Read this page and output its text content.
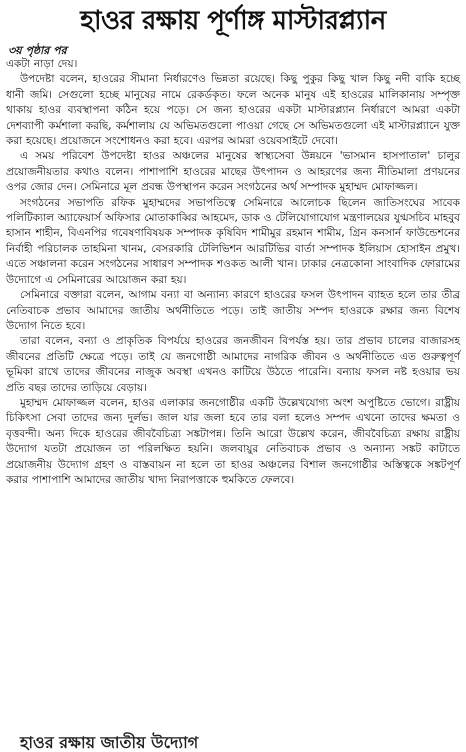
হাওর রক্ষায় পূর্ণাঙ্গ মাস্টারপ্ল্যান
৩য় পৃষ্ঠার পর

একটা নাড়া দেয়।

উপদেষ্টা বলেন, হাওরের সীমানা নির্ধারণেও ভিন্নতা রয়েছে। কিছু পুকুর কিছু খাল কিছু নদী বাকি হচ্ছে ধানী জমি। সেগুলো হচ্ছে মানুষের নামে রেকর্ডকৃত। ফলে অনেক মানুষ এই হাওরের মালিকানায় সম্পৃক্ত থাকায় হাওর ব্যবস্থাপনা কঠিন হয়ে পড়ে। সে জন্য হাওরের একটা মাস্টারপ্ল্যান নির্ধারণে আমরা একটা দেশব্যাপী কর্মশালা করছি, কর্মশালায় যে অভিমতগুলো পাওয়া গেছে সে অভিমতগুলো এই মাস্টারপ্ল্যানে যুক্ত করা হয়েছে। প্রয়োজনে সংশোধনও করা হবে। এরপর আমরা ওয়েবসাইটে দেবো।

এ সময় পরিবেশ উপদেষ্টা হাওর অঞ্চলের মানুষের স্বাস্থ্যসেবা উন্নয়নে 'ভাসমান হাসপাতাল' চালুর প্রয়োজনীয়তার কথাও বলেন। পাশাপাশি হাওরের মাছের উৎপাদন ও আহরণের জন্য নীতিমালা প্রণয়নের ওপর জোর দেন। সেমিনারে মূল প্রবন্ধ উপস্থাপন করেন সংগঠনের অর্থ সম্পাদক মুহাম্মদ মোফাজ্জল।

সংগঠনের সভাপতি রফিক মুহাম্মদের সভাপতিত্বে সেমিনারে আলোচক ছিলেন জাতিসংঘের সাবেক পলিটিক্যাল অ্যাফেয়ার্স অফিসার মোতাকাব্বির আহমেদ, ডাক ও টেলিযোগাযোগ মন্ত্রণালয়ের যুগ্মসচিব মাহবুব হাসান শাহীন, বিএনপির গবেষণাবিষয়ক সম্পাদক কৃষিবিদ শামীমুর রহমান শামীম, গ্রিন কনসার্ন ফাউন্ডেশনের নির্বাহী পরিচালক তাহমিনা খানম, বেসরকারি টেলিভিশন আরটিভির বার্তা সম্পাদক ইলিয়াস হোসাইন প্রমুখ। এতে সঞ্চালনা করেন সংগঠনের সাধারণ সম্পাদক শওকত আলী খান। ঢাকার নেত্রকোনা সাংবাদিক ফোরামের উদ্যোগে এ সেমিনারের আয়োজন করা হয়।

সেমিনারে বক্তারা বলেন, আগাম বন্যা বা অন্যান্য কারণে হাওরের ফসল উৎপাদন ব্যাহত হলে তার তীব্র নেতিবাচক প্রভাব আমাদের জাতীয় অর্থনীতিতে পড়ে। তাই জাতীয় সম্পদ হাওরকে রক্ষার জন্য বিশেষ উদ্যোগ নিতে হবে।

তারা বলেন, বন্যা ও প্রাকৃতিক বিপর্যয়ে হাওরের জনজীবন বিপর্যস্ত হয়। তার প্রভাব চালের বাজারসহ জীবনের প্রতিটি ক্ষেত্রে পড়ে। তাই যে জনগোষ্ঠী আমাদের নাগরিক জীবন ও অর্থনীতিতে এত গুরুত্বপূর্ণ ভূমিকা রাখে তাদের জীবনের নাজুক অবস্থা এখনও কাটিয়ে উঠতে পারেনি। বন্যায় ফসল নষ্ট হওয়ার ভয় প্রতি বছর তাদের তাড়িয়ে বেড়ায়।

মুহাম্মদ মোফাজ্জল বলেন, হাওর এলাকার জনগোষ্ঠীর একটি উল্লেখযোগ্য অংশ অপুষ্টিতে ভোগে। রাষ্ট্রীয় চিকিৎসা সেবা তাদের জন্য দুর্লভ। জাল যার জলা হবে তার বলা হলেও সম্পদ এখনো তাদের ক্ষমতা ও বৃত্তবন্দী। অন্য দিকে হাওরের জীববৈচিত্র্য সঙ্কটাপন্ন। তিনি আরো উল্লেখ করেন, জীববৈচিত্র্য রক্ষায় রাষ্ট্রীয় উদ্যোগ যতটা প্রয়োজন তা পরিলক্ষিত হয়নি। জলবায়ুর নেতিবাচক প্রভাব ও অন্যান্য সঙ্কট কাটাতে প্রয়োজনীয় উদ্যোগ গ্রহণ ও বাস্তবায়ন না হলে তা হাওর অঞ্চলের বিশাল জনগোষ্ঠীর অস্তিত্বকে সঙ্কটপূর্ণ করার পাশাপাশি আমাদের জাতীয় খাদ্য নিরাপত্তাকে হুমকিতে ফেলবে।

হাওর রক্ষায় জাতীয় উদ্যোগ
